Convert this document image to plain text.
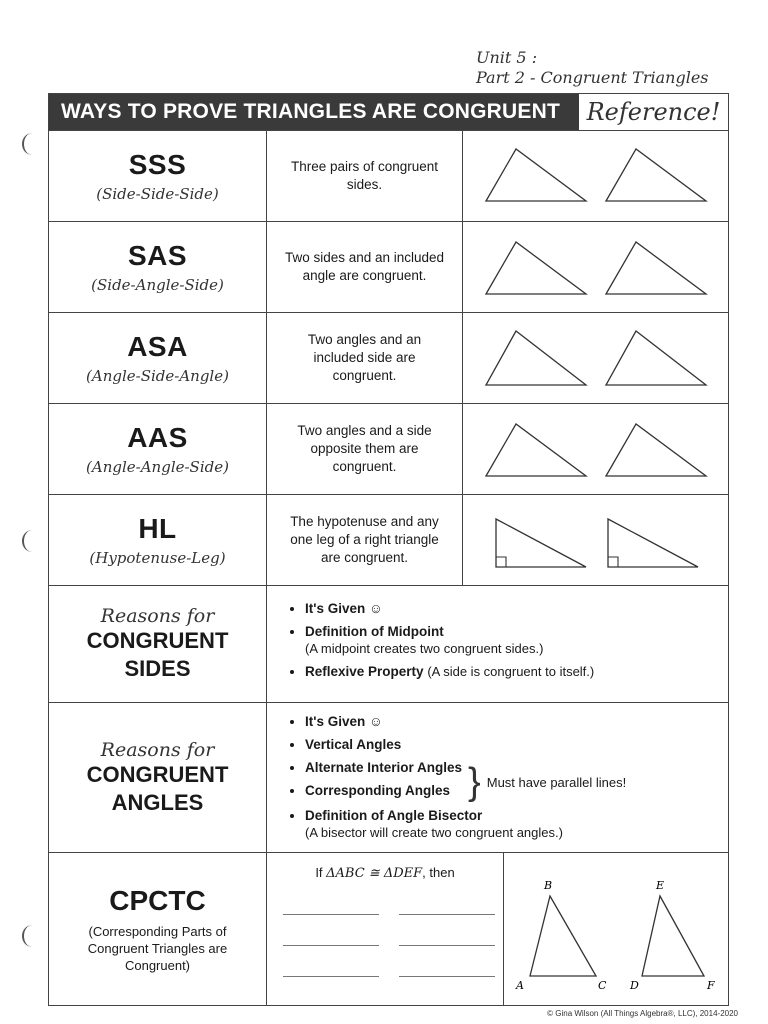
Unit 5 :
Part 2 - Congruent Triangles
WAYS TO PROVE TRIANGLES ARE CONGRUENT	Reference!
SSS
(Side-Side-Side)
Three pairs of congruent sides.
SAS
(Side-Angle-Side)
Two sides and an included angle are congruent.
ASA
(Angle-Side-Angle)
Two angles and an included side are congruent.
AAS
(Angle-Angle-Side)
Two angles and a side opposite them are congruent.
HL
(Hypotenuse-Leg)
The hypotenuse and any one leg of a right triangle are congruent.
Reasons for
CONGRUENT
SIDES
• It's Given ☺
• Definition of Midpoint
(A midpoint creates two congruent sides.)
• Reflexive Property (A side is congruent to itself.)
Reasons for
CONGRUENT
ANGLES
• It's Given ☺
• Vertical Angles
• Alternate Interior Angles
• Corresponding Angles } Must have parallel lines!
• Definition of Angle Bisector
(A bisector will create two congruent angles.)
CPCTC
(Corresponding Parts of Congruent Triangles are Congruent)
If ΔABC ≅ ΔDEF, then
A
B
C D
E
F
© Gina Wilson (All Things Algebra®, LLC), 2014-2020
